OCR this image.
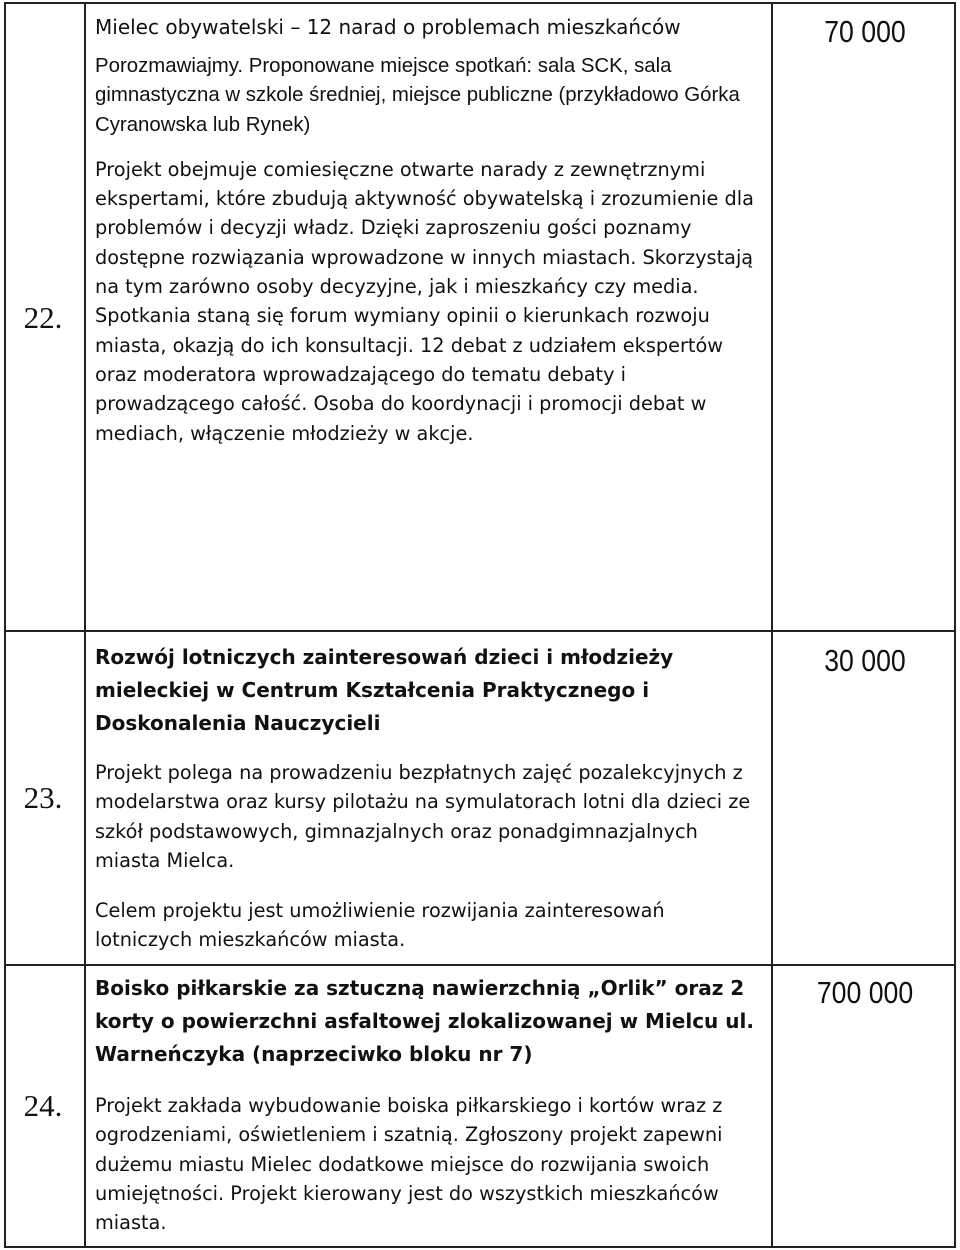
22.

Mielec obywatelski – 12 narad o problemach mieszkańców

Porozmawiajmy. Proponowane miejsce spotkań: sala SCK, sala gimnastyczna w szkole średniej, miejsce publiczne (przykładowo Górka Cyranowska lub Rynek)

Projekt obejmuje comiesięczne otwarte narady z zewnętrznymi ekspertami, które zbudują aktywność obywatelską i zrozumienie dla problemów i decyzji władz. Dzięki zaproszeniu gości poznamy dostępne rozwiązania wprowadzone w innych miastach. Skorzystają na tym zarówno osoby decyzyjne, jak i mieszkańcy czy media. Spotkania staną się forum wymiany opinii o kierunkach rozwoju miasta, okazją do ich konsultacji. 12 debat z udziałem ekspertów oraz moderatora wprowadzającego do tematu debaty i prowadzącego całość. Osoba do koordynacji i promocji debat w mediach, włączenie młodzieży w akcje.

70 000
23.

Rozwój lotniczych zainteresowań dzieci i młodzieży mieleckiej w Centrum Kształcenia Praktycznego i Doskonalenia Nauczycieli

Projekt polega na prowadzeniu bezpłatnych zajęć pozalekcyjnych z modelarstwa oraz kursy pilotażu na symulatorach lotni dla dzieci ze szkół podstawowych, gimnazjalnych oraz ponadgimnazjalnych miasta Mielca.

Celem projektu jest umożliwienie rozwijania zainteresowań lotniczych mieszkańców miasta.

30 000
24.

Boisko piłkarskie za sztuczną nawierzchnią „Orlik” oraz 2 korty o powierzchni asfaltowej zlokalizowanej w Mielcu ul. Warneńczyka (naprzeciwko bloku nr 7)

Projekt zakłada wybudowanie boiska piłkarskiego i kortów wraz z ogrodzeniami, oświetleniem i szatnią. Zgłoszony projekt zapewni dużemu miastu Mielec dodatkowe miejsce do rozwijania swoich umiejętności. Projekt kierowany jest do wszystkich mieszkańców miasta.

700 000
